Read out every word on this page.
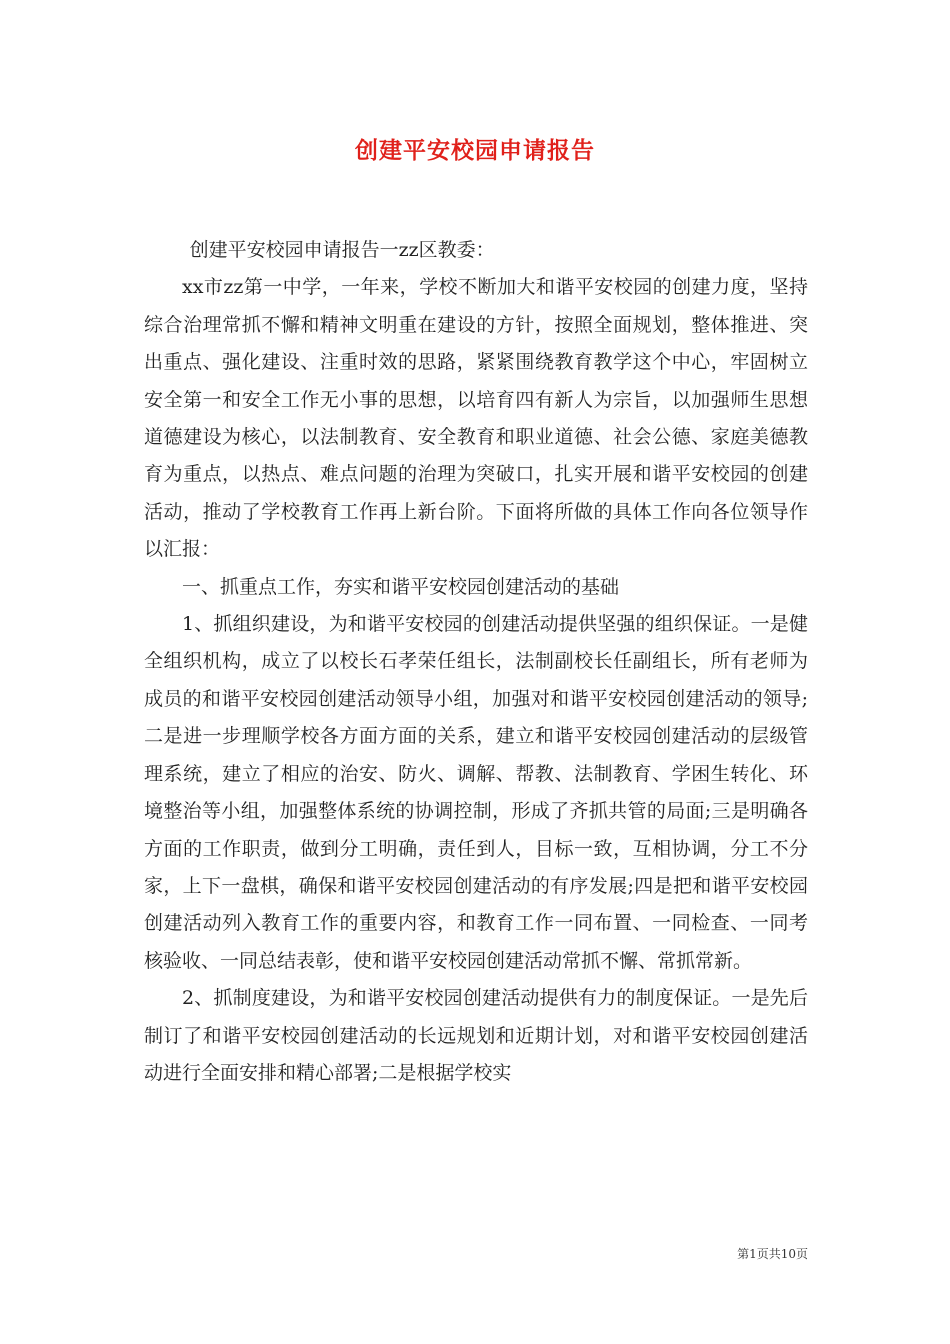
创建平安校园申请报告

创建平安校园申请报告一zz区教委：

xx市zz第一中学，一年来，学校不断加大和谐平安校园的创建力度，坚持综合治理常抓不懈和精神文明重在建设的方针，按照全面规划，整体推进、突出重点、强化建设、注重时效的思路，紧紧围绕教育教学这个中心，牢固树立安全第一和安全工作无小事的思想，以培育四有新人为宗旨，以加强师生思想道德建设为核心，以法制教育、安全教育和职业道德、社会公德、家庭美德教育为重点，以热点、难点问题的治理为突破口，扎实开展和谐平安校园的创建活动，推动了学校教育工作再上新台阶。下面将所做的具体工作向各位领导作以汇报：

一、抓重点工作，夯实和谐平安校园创建活动的基础

1、抓组织建设，为和谐平安校园的创建活动提供坚强的组织保证。一是健全组织机构，成立了以校长石孝荣任组长，法制副校长任副组长，所有老师为成员的和谐平安校园创建活动领导小组，加强对和谐平安校园创建活动的领导;二是进一步理顺学校各方面方面的关系，建立和谐平安校园创建活动的层级管理系统，建立了相应的治安、防火、调解、帮教、法制教育、学困生转化、环境整治等小组，加强整体系统的协调控制，形成了齐抓共管的局面;三是明确各方面的工作职责，做到分工明确，责任到人，目标一致，互相协调，分工不分家，上下一盘棋，确保和谐平安校园创建活动的有序发展;四是把和谐平安校园创建活动列入教育工作的重要内容，和教育工作一同布置、一同检查、一同考核验收、一同总结表彰，使和谐平安校园创建活动常抓不懈、常抓常新。

2、抓制度建设，为和谐平安校园创建活动提供有力的制度保证。一是先后制订了和谐平安校园创建活动的长远规划和近期计划，对和谐平安校园创建活动进行全面安排和精心部署;二是根据学校实

第1页共10页
